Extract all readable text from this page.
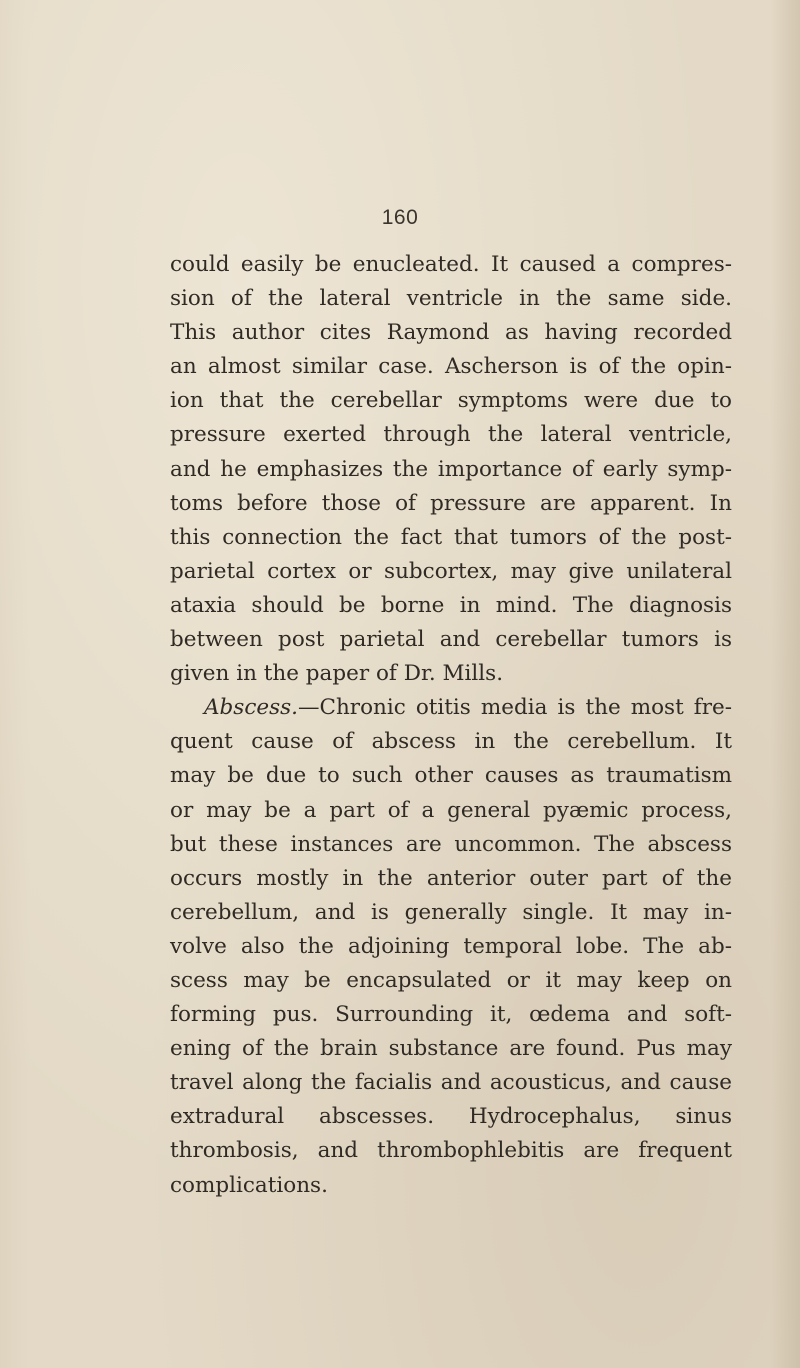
160
could easily be enucleated. It caused a compres-
sion of the lateral ventricle in the same side.
This author cites Raymond as having recorded
an almost similar case. Ascherson is of the opin-
ion that the cerebellar symptoms were due to
pressure exerted through the lateral ventricle,
and he emphasizes the importance of early symp-
toms before those of pressure are apparent. In
this connection the fact that tumors of the post-
parietal cortex or subcortex, may give unilateral
ataxia should be borne in mind. The diagnosis
between post parietal and cerebellar tumors is
given in the paper of Dr. Mills.
Abscess.—Chronic otitis media is the most fre-
quent cause of abscess in the cerebellum. It
may be due to such other causes as traumatism
or may be a part of a general pyæmic process,
but these instances are uncommon. The abscess
occurs mostly in the anterior outer part of the
cerebellum, and is generally single. It may in-
volve also the adjoining temporal lobe. The ab-
scess may be encapsulated or it may keep on
forming pus. Surrounding it, œdema and soft-
ening of the brain substance are found. Pus may
travel along the facialis and acousticus, and cause
extradural abscesses. Hydrocephalus, sinus
thrombosis, and thrombophlebitis are frequent
complications.
